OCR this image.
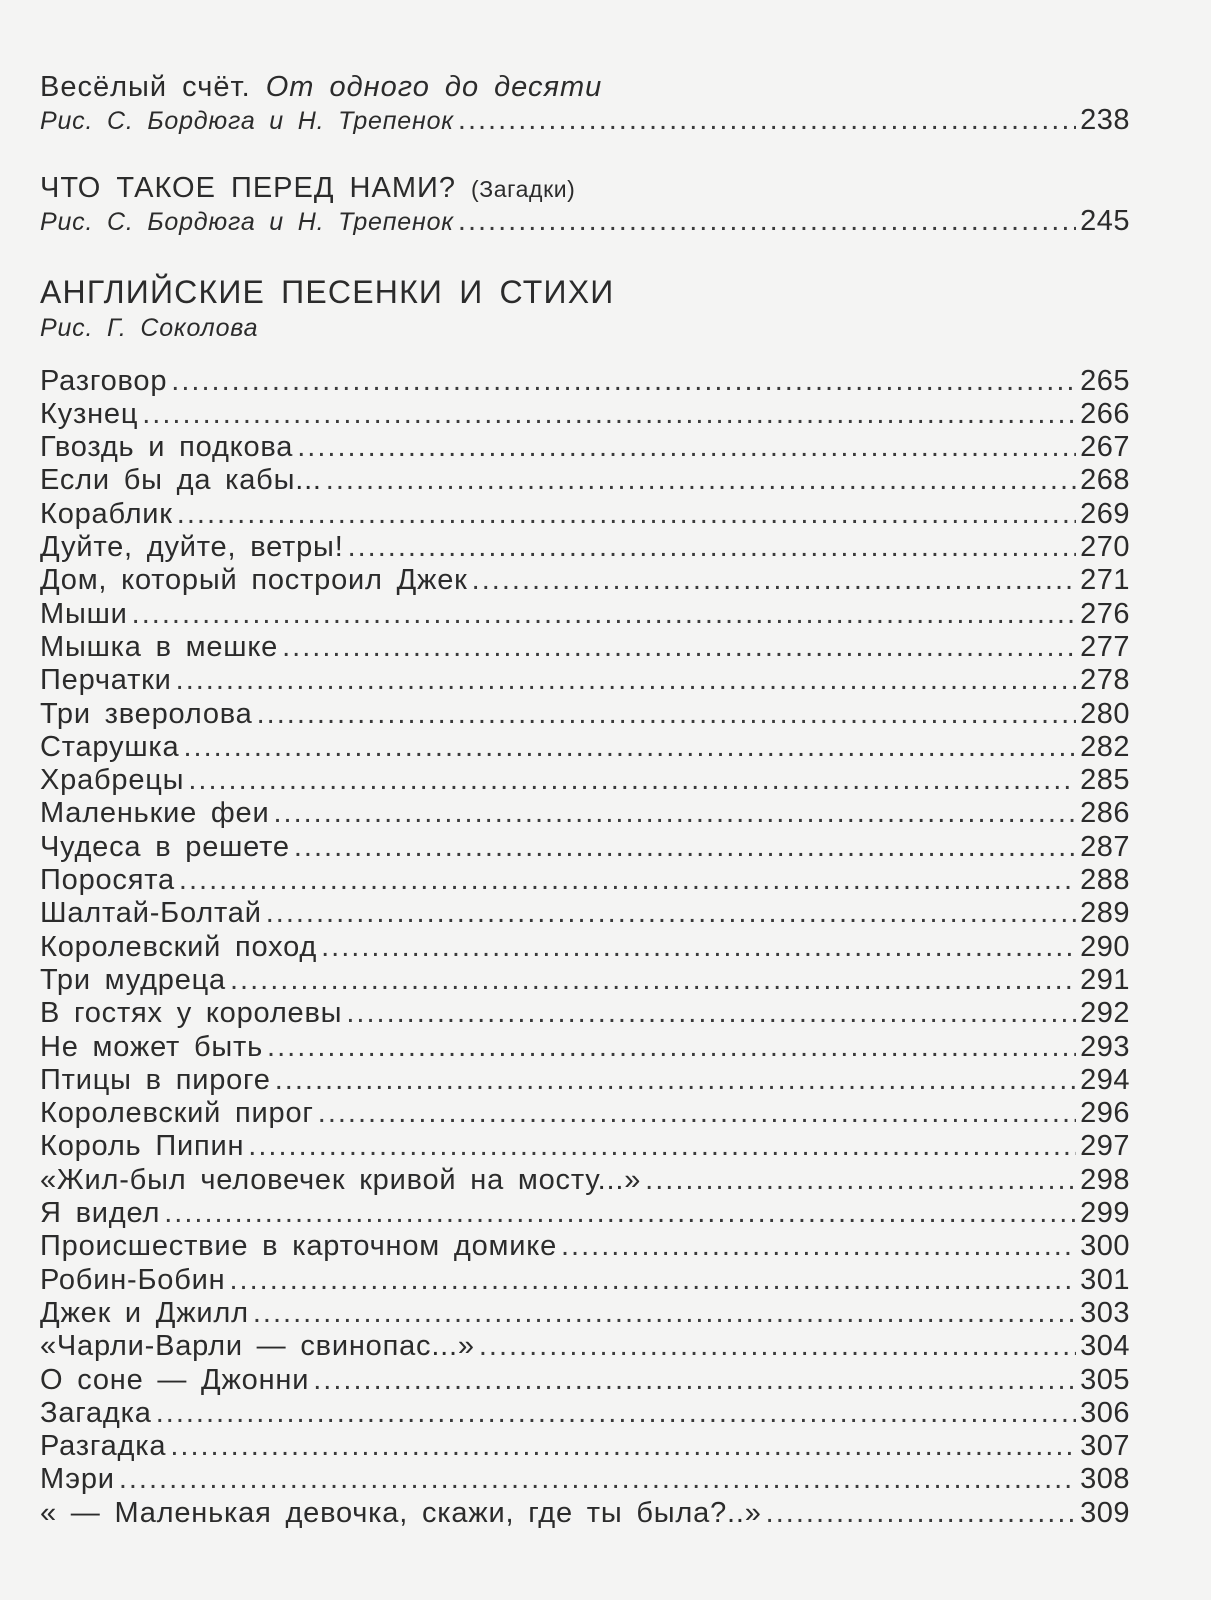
Весёлый счёт. От одного до десяти
Рис. С. Бордюга и Н. Трепенок .....	238
ЧТО ТАКОЕ ПЕРЕД НАМИ? (Загадки)
Рис. С. Бордюга и Н. Трепенок .....	245
АНГЛИЙСКИЕ ПЕСЕНКИ И СТИХИ
Рис. Г. Соколова
Разговор .....	265
Кузнец .....	266
Гвоздь и подкова .....	267
Если бы да кабы... .....	268
Кораблик .....	269
Дуйте, дуйте, ветры! .....	270
Дом, который построил Джек .....	271
Мыши .....	276
Мышка в мешке .....	277
Перчатки .....	278
Три зверолова .....	280
Старушка .....	282
Храбрецы .....	285
Маленькие феи .....	286
Чудеса в решете .....	287
Поросята .....	288
Шалтай-Болтай .....	289
Королевский поход .....	290
Три мудреца .....	291
В гостях у королевы .....	292
Не может быть .....	293
Птицы в пироге .....	294
Королевский пирог .....	296
Король Пипин .....	297
«Жил-был человечек кривой на мосту...» .....	298
Я видел .....	299
Происшествие в карточном домике .....	300
Робин-Бобин .....	301
Джек и Джилл .....	303
«Чарли-Варли — свинопас...» .....	304
О соне — Джонни .....	305
Загадка .....	306
Разгадка .....	307
Мэри .....	308
« — Маленькая девочка, скажи, где ты была?..» .....	309
